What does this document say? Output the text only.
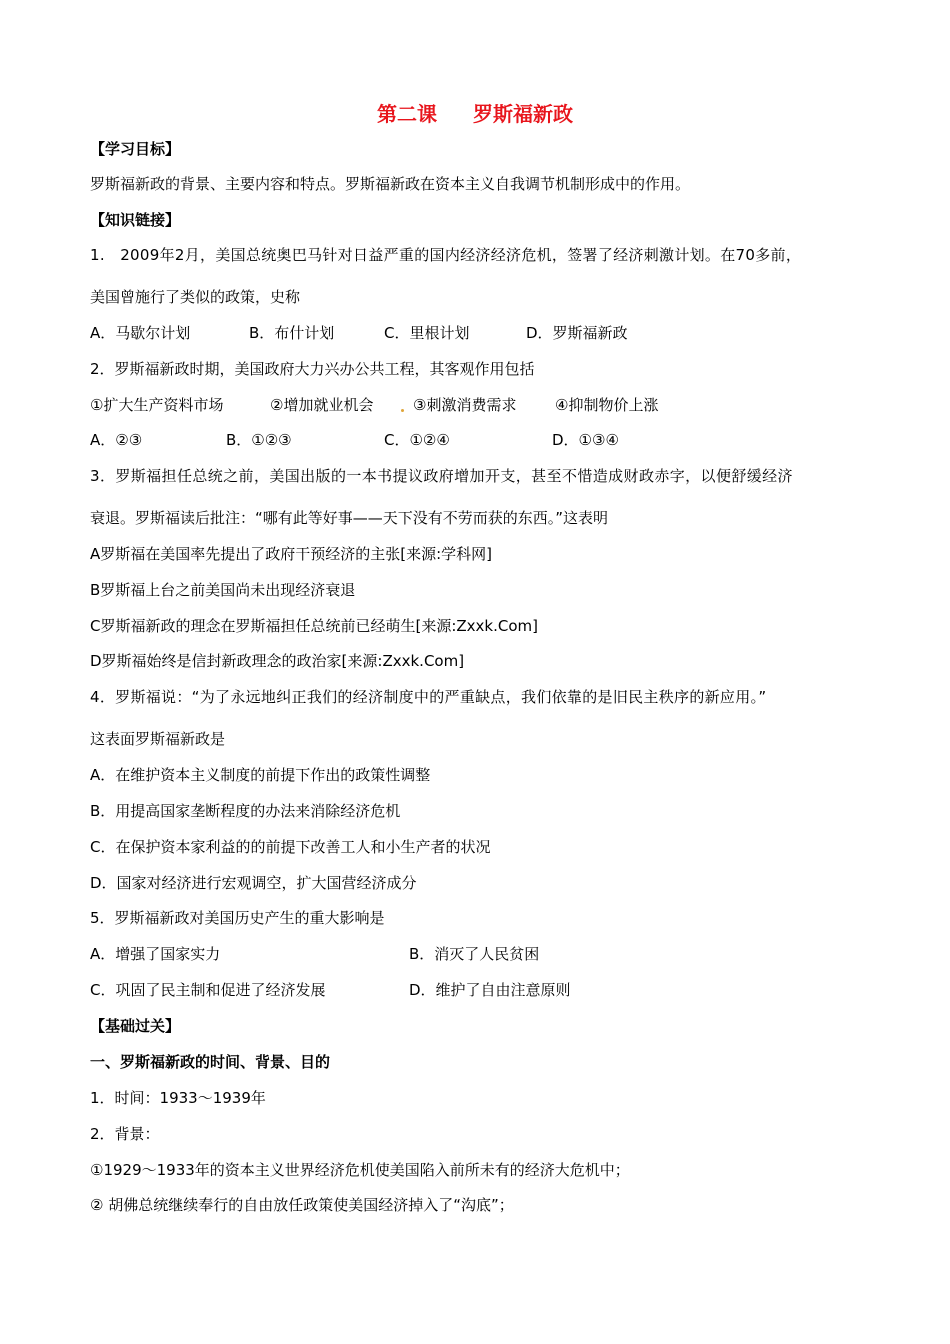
第二课 罗斯福新政
【学习目标】
罗斯福新政的背景、主要内容和特点。罗斯福新政在资本主义自我调节机制形成中的作用。
【知识链接】
1.　2009年2月，美国总统奥巴马针对日益严重的国内经济经济危机，签署了经济刺激计划。在70多前，
美国曾施行了类似的政策，史称
A．马歇尔计划	B．布什计划	C．里根计划	D．罗斯福新政
2．罗斯福新政时期，美国政府大力兴办公共工程，其客观作用包括
①扩大生产资料市场	②增加就业机会	③刺激消费需求	④抑制物价上涨
A．②③	B．①②③	C．①②④	D．①③④
3．罗斯福担任总统之前，美国出版的一本书提议政府增加开支，甚至不惜造成财政赤字，以便舒缓经济
衰退。罗斯福读后批注：“哪有此等好事——天下没有不劳而获的东西。”这表明
A罗斯福在美国率先提出了政府干预经济的主张[来源:学科网]
B罗斯福上台之前美国尚未出现经济衰退
C罗斯福新政的理念在罗斯福担任总统前已经萌生[来源:Zxxk.Com]
D罗斯福始终是信封新政理念的政治家[来源:Zxxk.Com]
4．罗斯福说：“为了永远地纠正我们的经济制度中的严重缺点，我们依靠的是旧民主秩序的新应用。”
这表面罗斯福新政是
A．在维护资本主义制度的前提下作出的政策性调整
B．用提高国家垄断程度的办法来消除经济危机
C．在保护资本家利益的的前提下改善工人和小生产者的状况
D．国家对经济进行宏观调空，扩大国营经济成分
5．罗斯福新政对美国历史产生的重大影响是
A．增强了国家实力	B．消灭了人民贫困
C．巩固了民主制和促进了经济发展	D．维护了自由注意原则
【基础过关】
一、罗斯福新政的时间、背景、目的
1．时间：1933～1939年
2．背景：
①1929～1933年的资本主义世界经济危机使美国陷入前所未有的经济大危机中；
② 胡佛总统继续奉行的自由放任政策使美国经济掉入了“沟底”；
